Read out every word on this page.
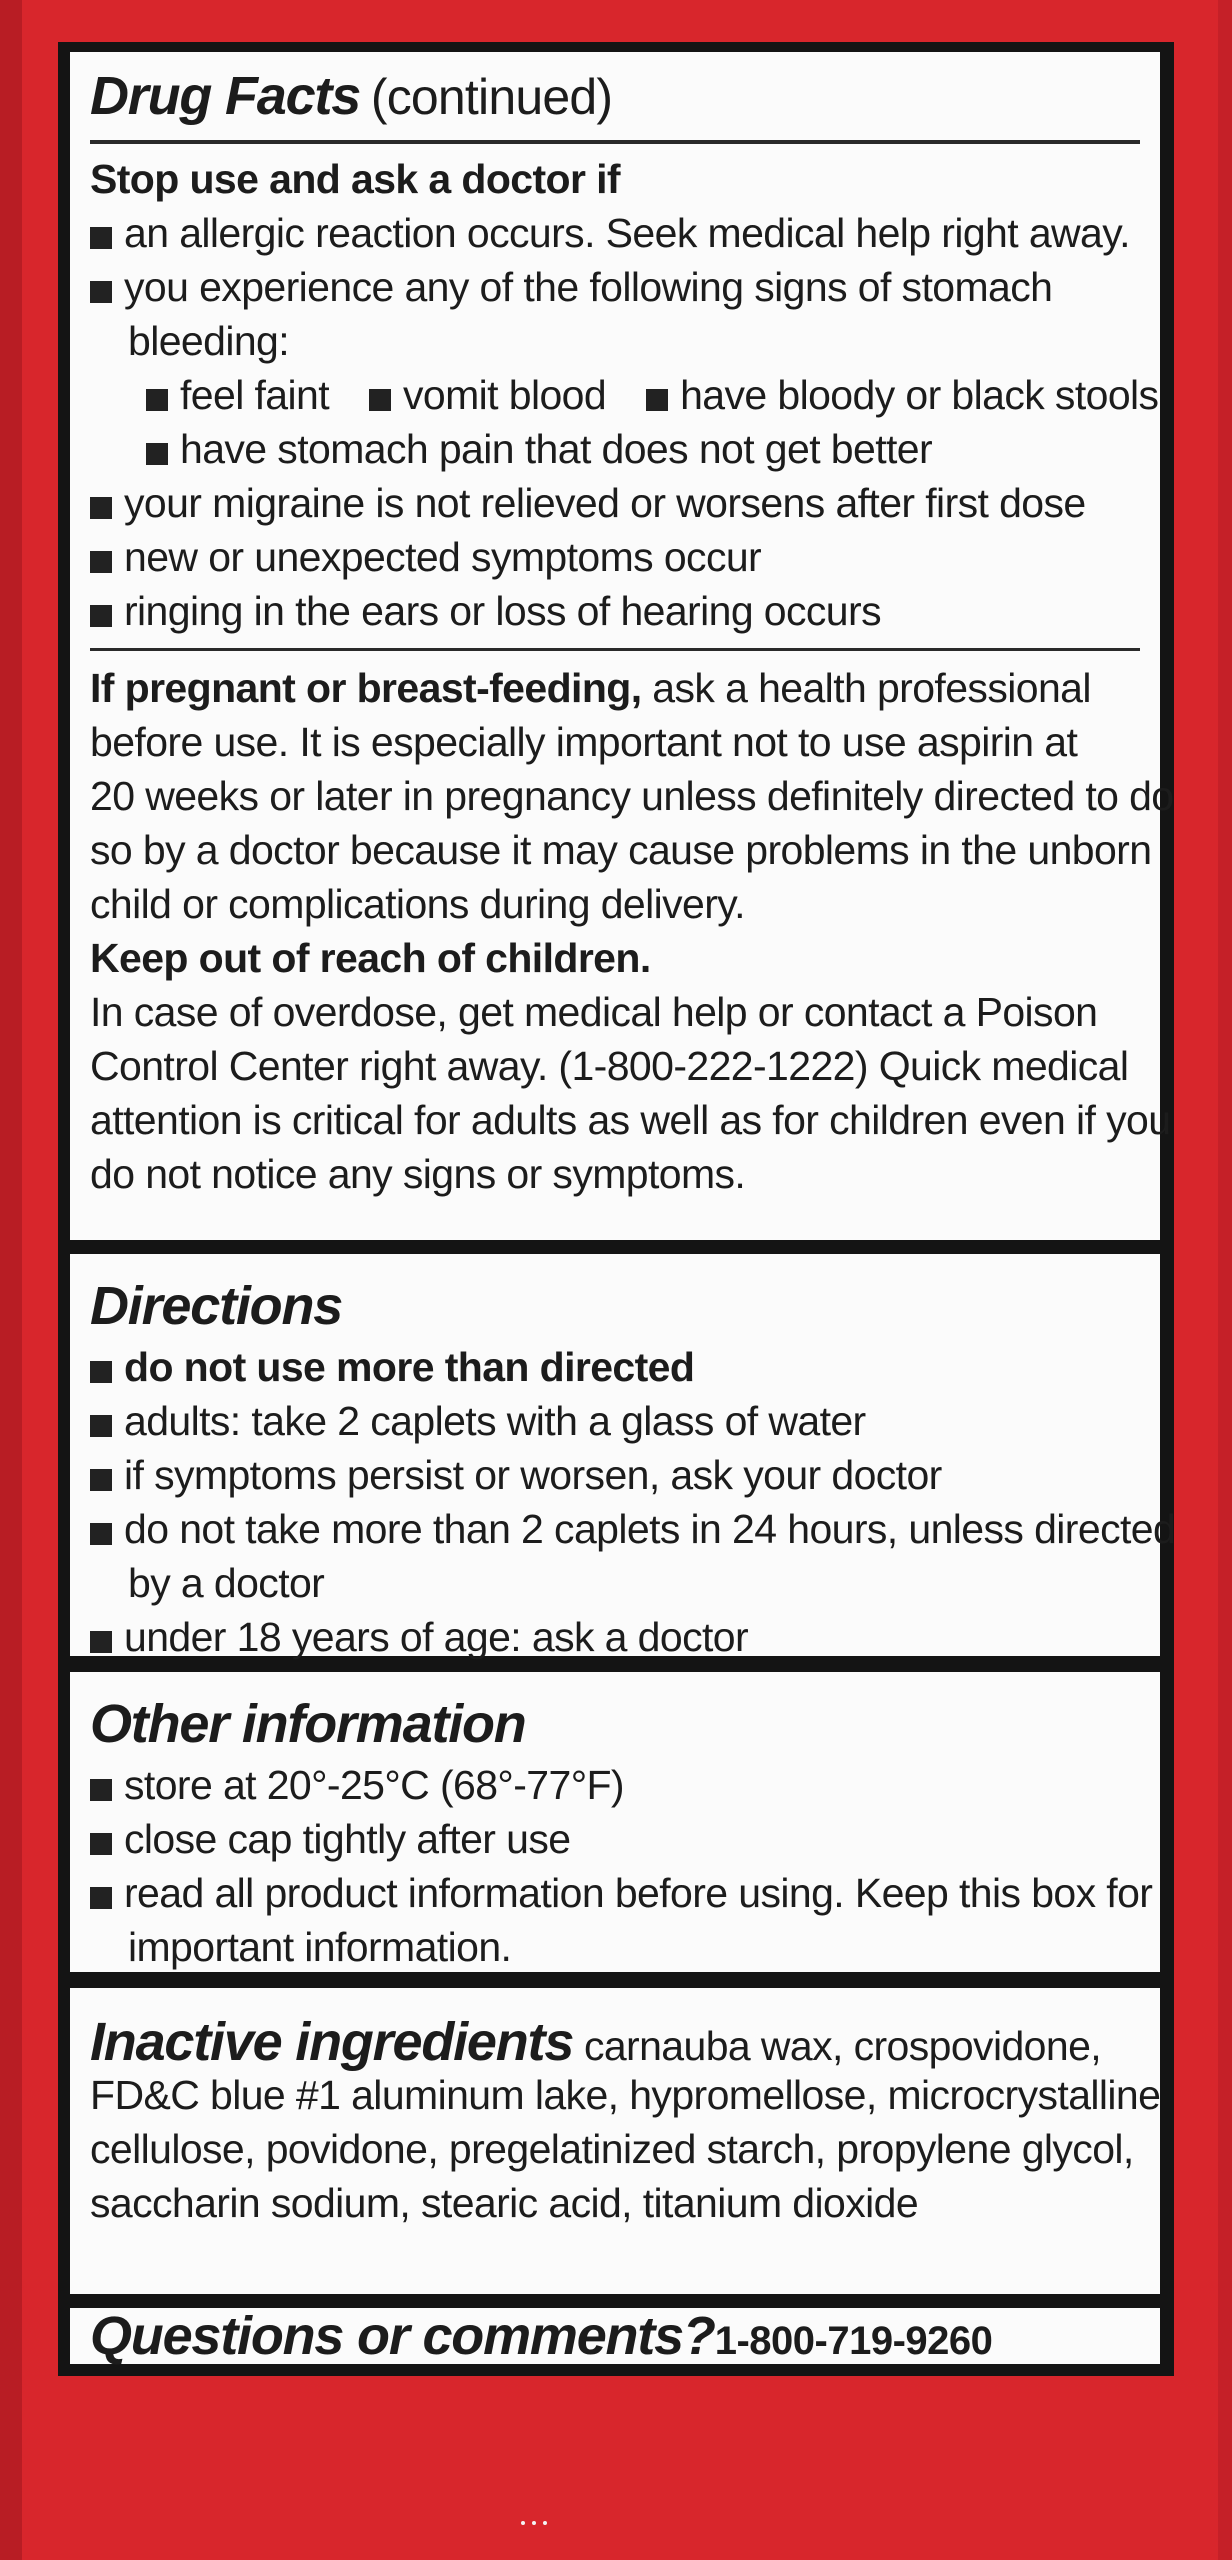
Drug Facts (continued)
Stop use and ask a doctor if
an allergic reaction occurs. Seek medical help right away.
you experience any of the following signs of stomach
bleeding:
feel faint vomit blood have bloody or black stools
have stomach pain that does not get better
your migraine is not relieved or worsens after first dose
new or unexpected symptoms occur
ringing in the ears or loss of hearing occurs
If pregnant or breast-feeding, ask a health professional
before use. It is especially important not to use aspirin at
20 weeks or later in pregnancy unless definitely directed to do
so by a doctor because it may cause problems in the unborn
child or complications during delivery.
Keep out of reach of children.
In case of overdose, get medical help or contact a Poison
Control Center right away. (1-800-222-1222) Quick medical
attention is critical for adults as well as for children even if you
do not notice any signs or symptoms.
Directions
do not use more than directed
adults: take 2 caplets with a glass of water
if symptoms persist or worsen, ask your doctor
do not take more than 2 caplets in 24 hours, unless directed
by a doctor
under 18 years of age: ask a doctor
Other information
store at 20°-25°C (68°-77°F)
close cap tightly after use
read all product information before using. Keep this box for
important information.
Inactive ingredients carnauba wax, crospovidone,
FD&C blue #1 aluminum lake, hypromellose, microcrystalline
cellulose, povidone, pregelatinized starch, propylene glycol,
saccharin sodium, stearic acid, titanium dioxide
Questions or comments?1-800-719-9260
